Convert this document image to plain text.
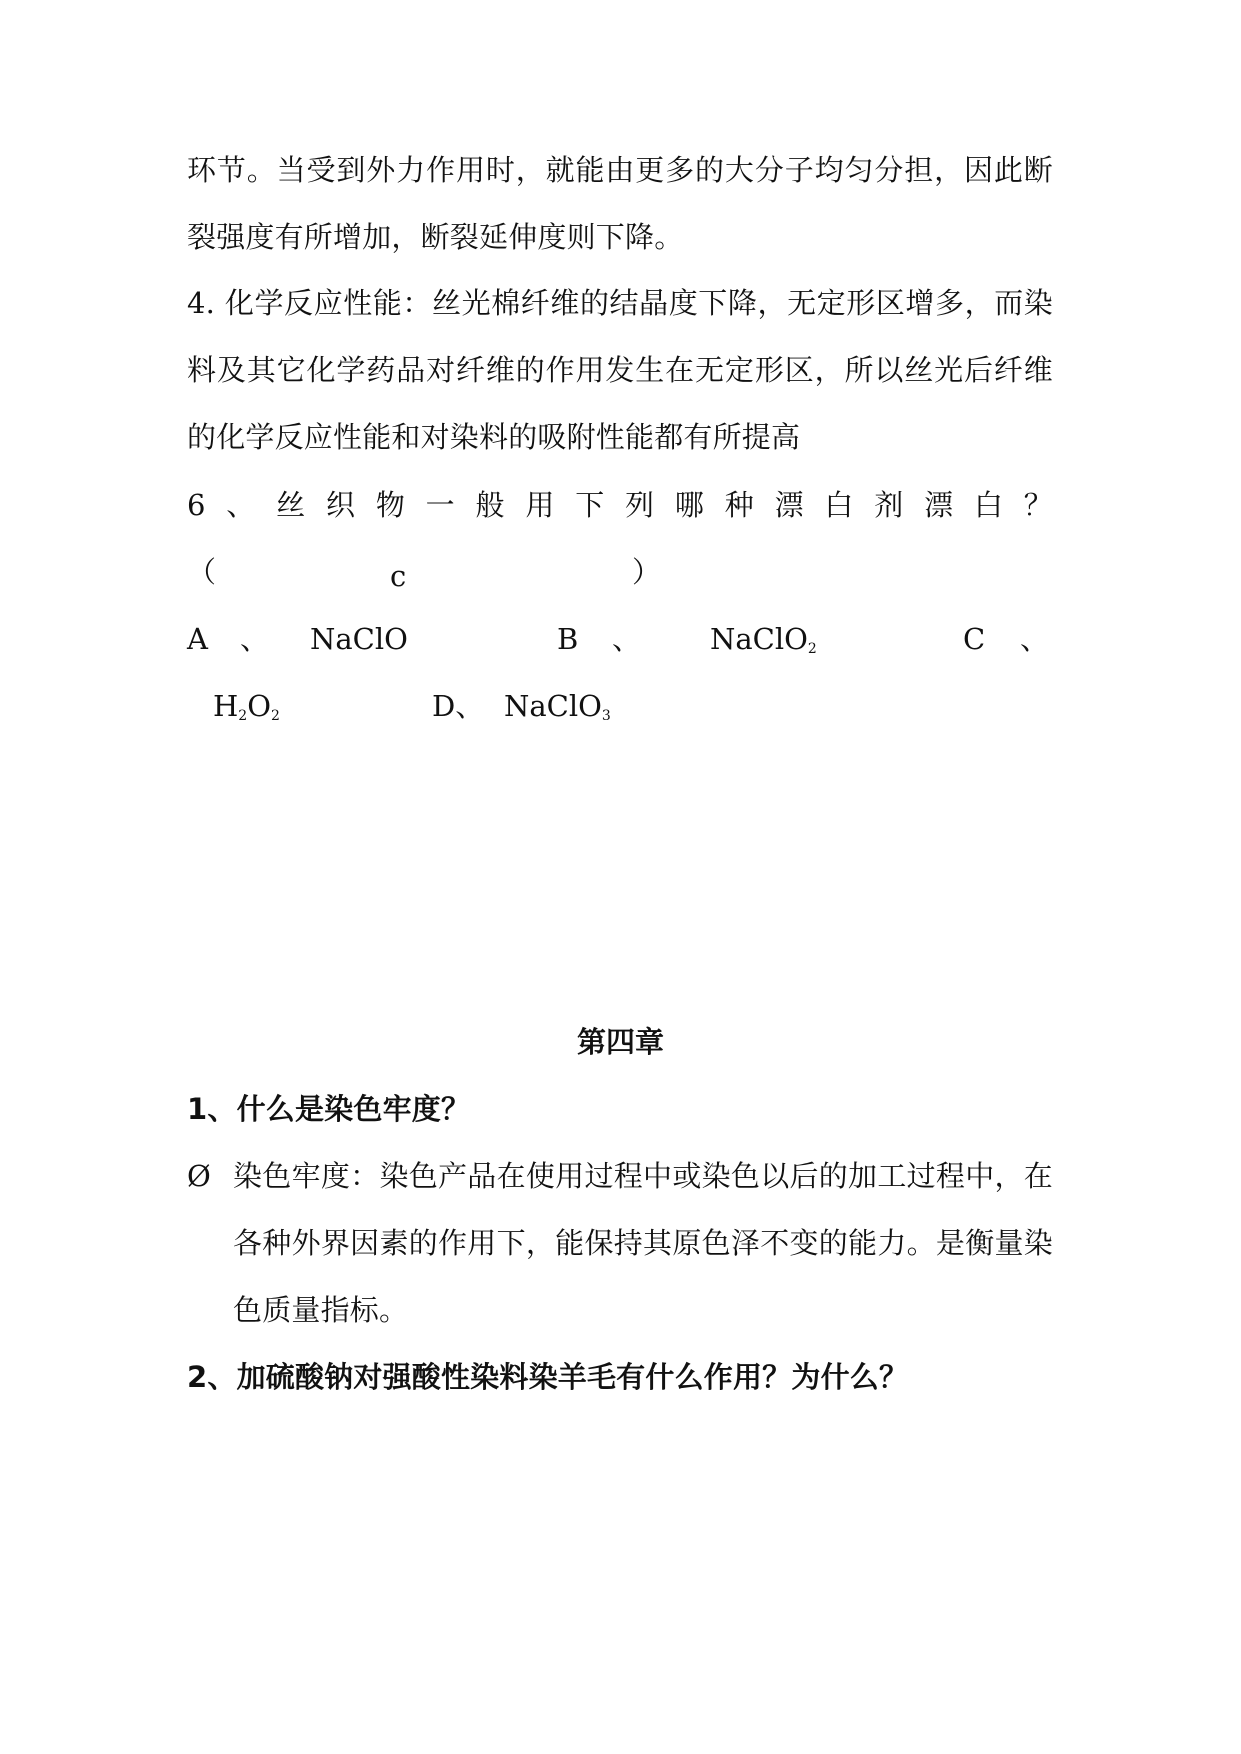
环节。当受到外力作用时，就能由更多的大分子均匀分担，因此断
裂强度有所增加，断裂延伸度则下降。
4. 化学反应性能：丝光棉纤维的结晶度下降，无定形区增多，而染
料及其它化学药品对纤维的作用发生在无定形区，所以丝光后纤维
的化学反应性能和对染料的吸附性能都有所提高
6 、 丝 织 物 一 般 用 下 列 哪 种 漂 白 剂 漂 白 ？
（	c	）
A 、 NaClO	B 、 NaClO$_2$	C 、
$H_2O_2$	D、 NaClO$_3$
第四章
1、什么是染色牢度？
Ø 染色牢度：染色产品在使用过程中或染色以后的加工过程中，在
各种外界因素的作用下，能保持其原色泽不变的能力。是衡量染
色质量指标。
2、加硫酸钠对强酸性染料染羊毛有什么作用？为什么？
